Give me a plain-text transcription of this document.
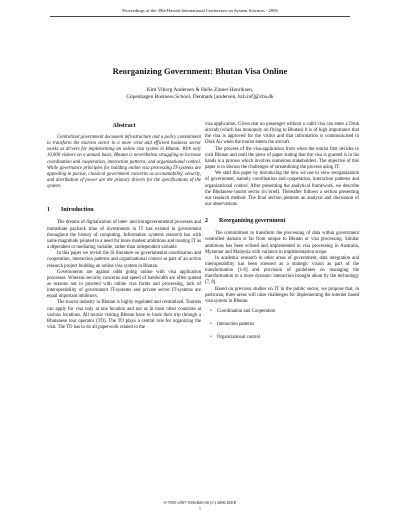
Proceedings of the 39th Hawaii International Conference on System Sciences - 2006
Reorganizing Government: Bhutan Visa Online
Kim Viborg Andersen & Helle Zinner Henriksen,
Copenhagen Business School, Denmark [andersen, hzh.inf]@cbs.dk
Abstract

Centralized government document infrastructure and a policy commitment to transform the tourism sector to a more vivid and efficient business sector works as drivers for implementing an online visa system in Bhutan. With only 10,000 visitors on a annual basis, Bhutan is nevertheless struggling to increase coordination and cooperation, interaction patterns, and organizational control. While governance principles for building online visa processing IT-systems are appealing to pursue, classical government concerns as accountability, security, and distribution of power are the primary drivers for the specifications of the system.

1	Introduction

The dreams of digitalization of inter- and intragovernmental processes and immediate payback time of investments in IT has existed in government throughout the history of computing. Information systems research has with same magnitude pointed to a need for more modest ambitions and treating IT as a dependent or mediating variable, rather than independent variable.

In this paper we revisit the IS literature on governmental coordination and cooperation, interaction patterns and organizational control as part of an action research project building an online visa system in Bhutan.

Governments are against odds going online with visa application processes. Whereas security concerns and speed of bandwidth are often quoted as reasons not to proceed with online visa forms and processing, lack of interoperability of government IT-systems and private sector IT-systems are equal important inhibitors.

The tourist industry in Bhutan is highly regulated and centralized. Tourists can apply for visa only at one location and not as in most other countries at various locations. All tourist visiting Bhutan have to book their trip through a Bhutanese tour operator (TO). The TO plays a central role for organizing the visit. The TO has to do all paperwork related to the

visa application. Given that no passenger without a valid visa can enter a Druk aircraft (which has monopoly on flying to Bhutan) it is of high importance that the visa is approved for the visitor and that information is communicated to Druk Air when the tourist enters the aircraft.

The process of the visa-application from when the tourist first decides to visit Bhutan and until the piece of paper stating that the visa is granted is in his hands is a process which involves numerous stakeholders. The objective of this paper is to discuss the challenges of streamlining the process using IT.

We start this paper by introducing the lens we use to view reorganization of government, namely coordination and cooperation, interaction patterns and organizational control. After presenting the analytical framework, we describe the Bhutanese tourist sector (in brief). Thereafter follows a section presenting our research method. The final section presents an analysis and discussion of our observations.

2	Reorganizing government

The commitment to transform the processing of data within government controlled domain is far from unique to Bhutan or visa processing. Similar ambitions has been echoed and implemented in visa processing in Australia, Myanmar and Malaysia with variance in implementation scope.

In academic research in other areas of government, data integration and interoperability has been stressed as a strategic vision as part of the transformation [1-6] and provision of guidelines on managing the transformation to a more dynamic interaction brought about by the technology [7, 8].

Based on previous studies on IT in the public sector, we propose that, in particular, three areas will raise challenges for implementing the internet based visa system in Bhutan:

•	Coordination and Cooperation
•	Interaction patterns
•	Organizational control
0-7695-2507-5/06/$20.00 (C) 2006 IEEE
1
